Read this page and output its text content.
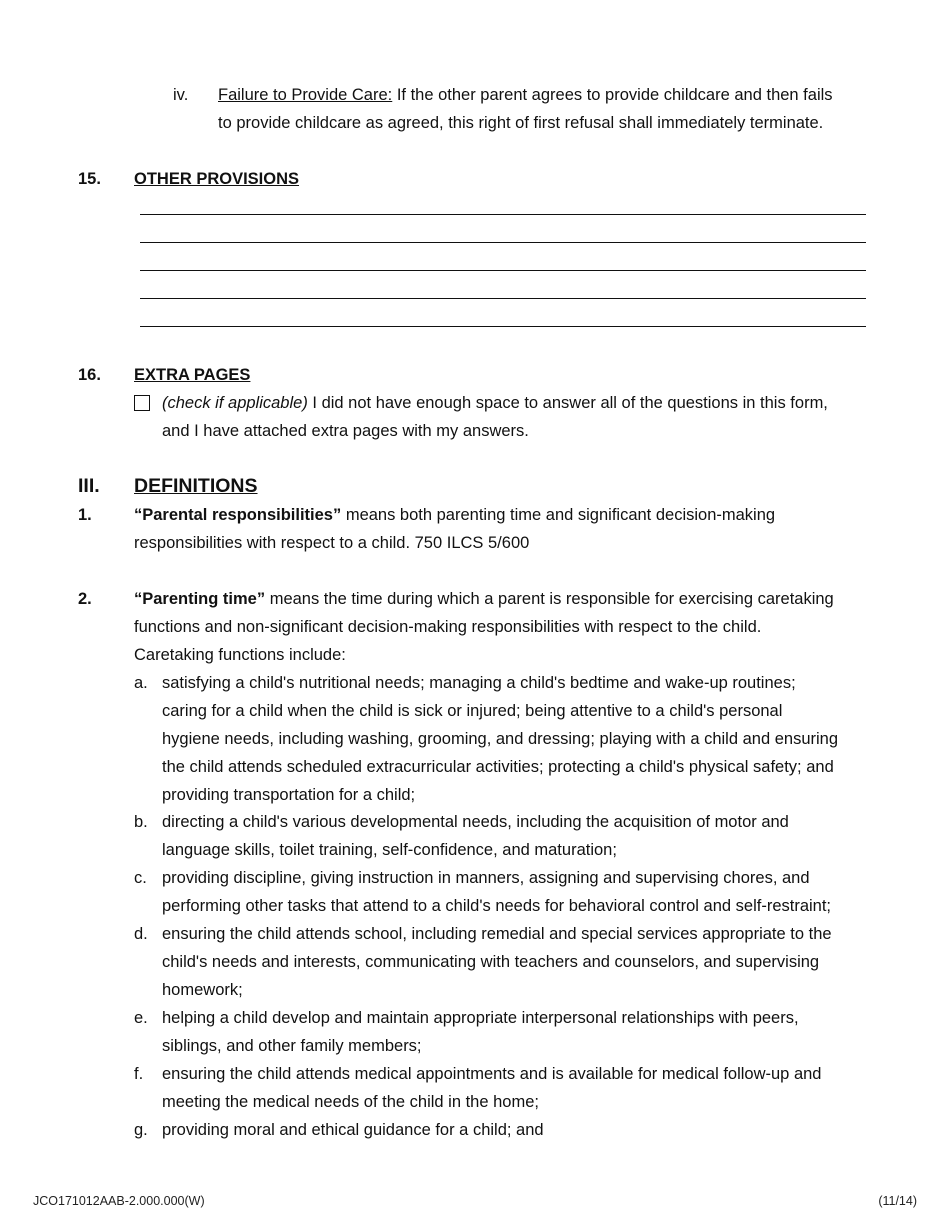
iv. Failure to Provide Care: If the other parent agrees to provide childcare and then fails
to provide childcare as agreed, this right of first refusal shall immediately terminate.
15. OTHER PROVISIONS
16. EXTRA PAGES
(check if applicable) I did not have enough space to answer all of the questions in this form,
and I have attached extra pages with my answers.
III. DEFINITIONS
1.	“Parental responsibilities” means both parenting time and significant decision-making
responsibilities with respect to a child. 750 ILCS 5/600
2.	“Parenting time” means the time during which a parent is responsible for exercising caretaking
functions and non-significant decision-making responsibilities with respect to the child.
Caretaking functions include:
a. satisfying a child's nutritional needs; managing a child's bedtime and wake-up routines;
caring for a child when the child is sick or injured; being attentive to a child's personal
hygiene needs, including washing, grooming, and dressing; playing with a child and ensuring
the child attends scheduled extracurricular activities; protecting a child's physical safety; and
providing transportation for a child;
b. directing a child's various developmental needs, including the acquisition of motor and
language skills, toilet training, self-confidence, and maturation;
c. providing discipline, giving instruction in manners, assigning and supervising chores, and
performing other tasks that attend to a child's needs for behavioral control and self-restraint;
d. ensuring the child attends school, including remedial and special services appropriate to the
child's needs and interests, communicating with teachers and counselors, and supervising
homework;
e. helping a child develop and maintain appropriate interpersonal relationships with peers,
siblings, and other family members;
f. ensuring the child attends medical appointments and is available for medical follow-up and
meeting the medical needs of the child in the home;
g. providing moral and ethical guidance for a child; and
JCO171012AAB-2.000.000(W)	(11/14)
